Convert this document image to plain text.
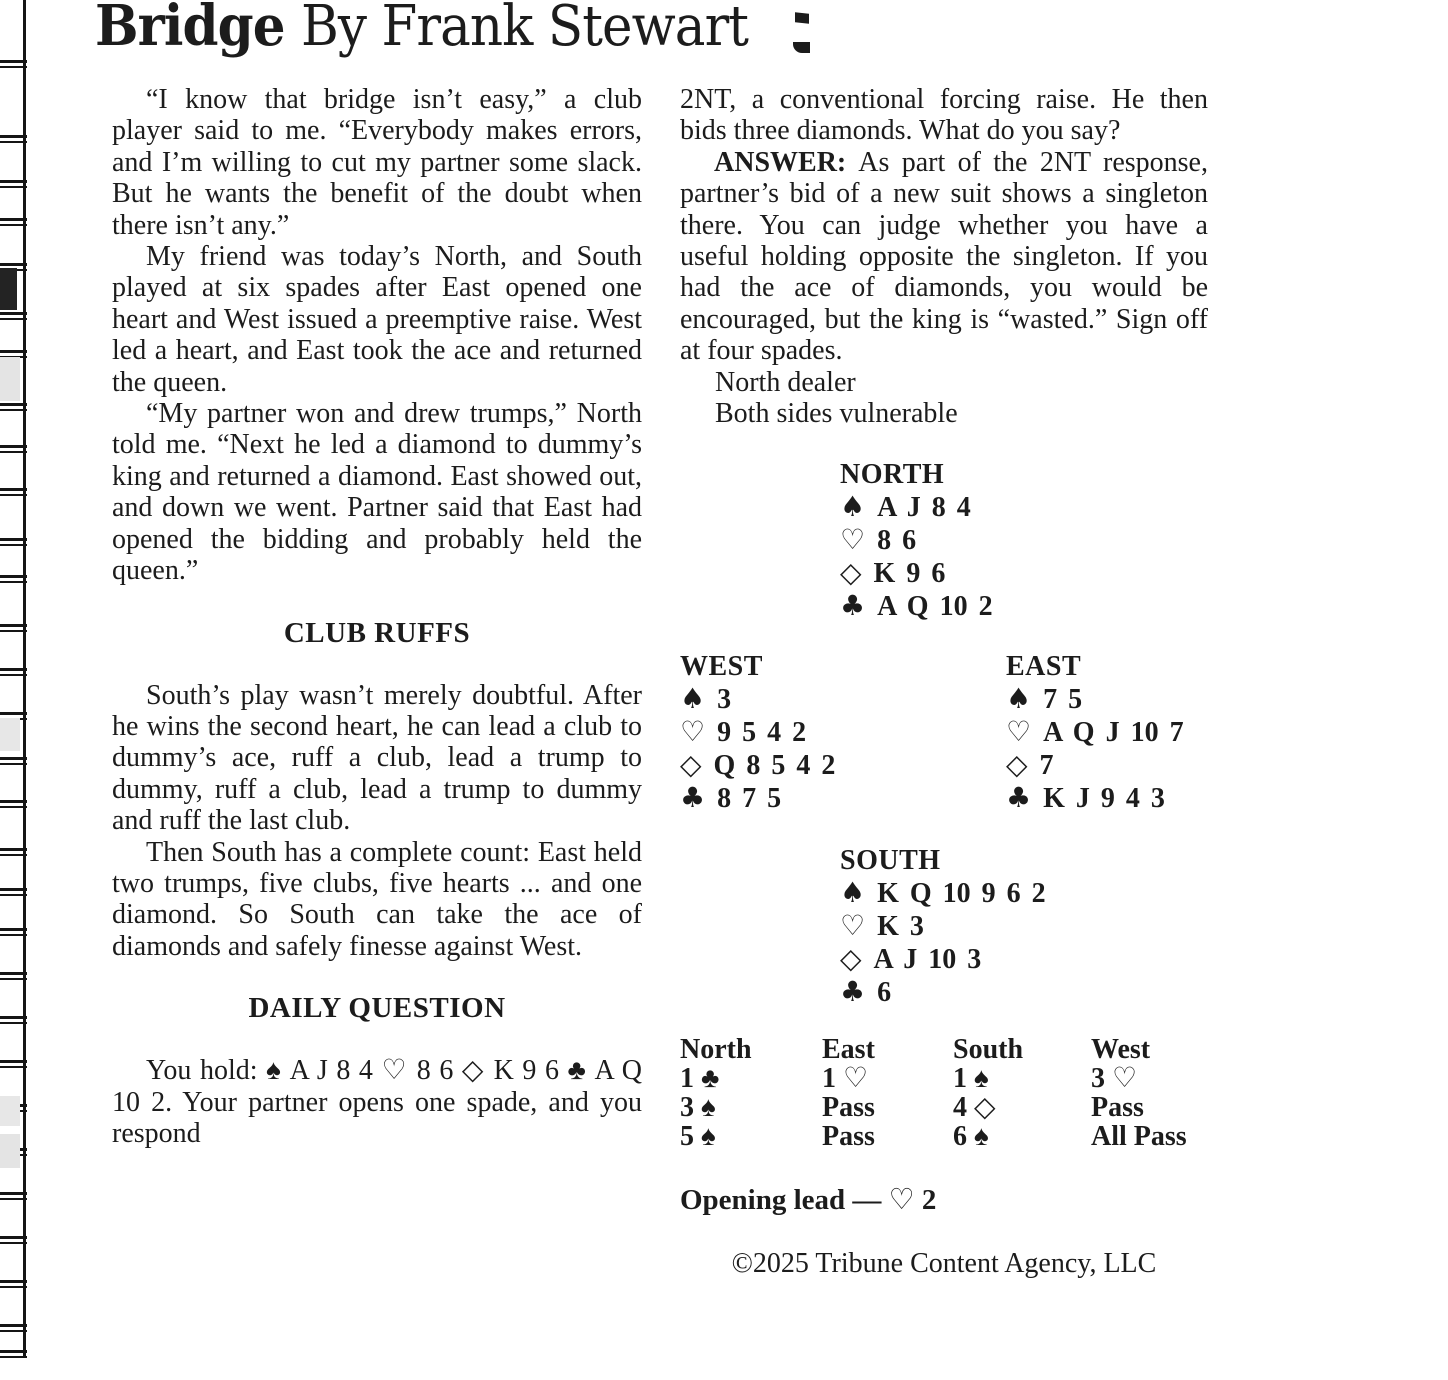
Bridge By Frank Stewart

“I know that bridge isn’t easy,” a club player said to me. “Everybody makes errors, and I’m willing to cut my partner some slack. But he wants the benefit of the doubt when there isn’t any.”

My friend was today’s North, and South played at six spades after East opened one heart and West issued a preemptive raise. West led a heart, and East took the ace and returned the queen.

“My partner won and drew trumps,” North told me. “Next he led a diamond to dummy’s king and returned a diamond. East showed out, and down we went. Partner said that East had opened the bidding and probably held the queen.”

CLUB RUFFS

South’s play wasn’t merely doubtful. After he wins the second heart, he can lead a club to dummy’s ace, ruff a club, lead a trump to dummy, ruff a club, lead a trump to dummy and ruff the last club.

Then South has a complete count: East held two trumps, five clubs, five hearts ... and one diamond. So South can take the ace of diamonds and safely finesse against West.

DAILY QUESTION

You hold: ♠ A J 8 4 ♡ 8 6 ◇ K 9 6 ♣ A Q 10 2. Your partner opens one spade, and you respond

2NT, a conventional forcing raise. He then bids three diamonds. What do you say?

ANSWER: As part of the 2NT response, partner’s bid of a new suit shows a singleton there. You can judge whether you have a useful holding opposite the singleton. If you had the ace of diamonds, you would be encouraged, but the king is “wasted.” Sign off at four spades.

North dealer
Both sides vulnerable
NORTH
♠ A J 8 4
♡ 8 6
◇ K 9 6
♣ A Q 10 2
WEST
♠ 3
♡ 9 5 4 2
◇ Q 8 5 4 2
♣ 8 7 5
EAST
♠ 7 5
♡ A Q J 10 7
◇ 7
♣ K J 9 4 3
SOUTH
♠ K Q 10 9 6 2
♡ K 3
◇ A J 10 3
♣ 6
North	East	South	West
1 ♣	1 ♡	1 ♠	3 ♡
3 ♠	Pass	4 ◇	Pass
5 ♠	Pass	6 ♠	All Pass
Opening lead — ♡ 2
©2025 Tribune Content Agency, LLC
